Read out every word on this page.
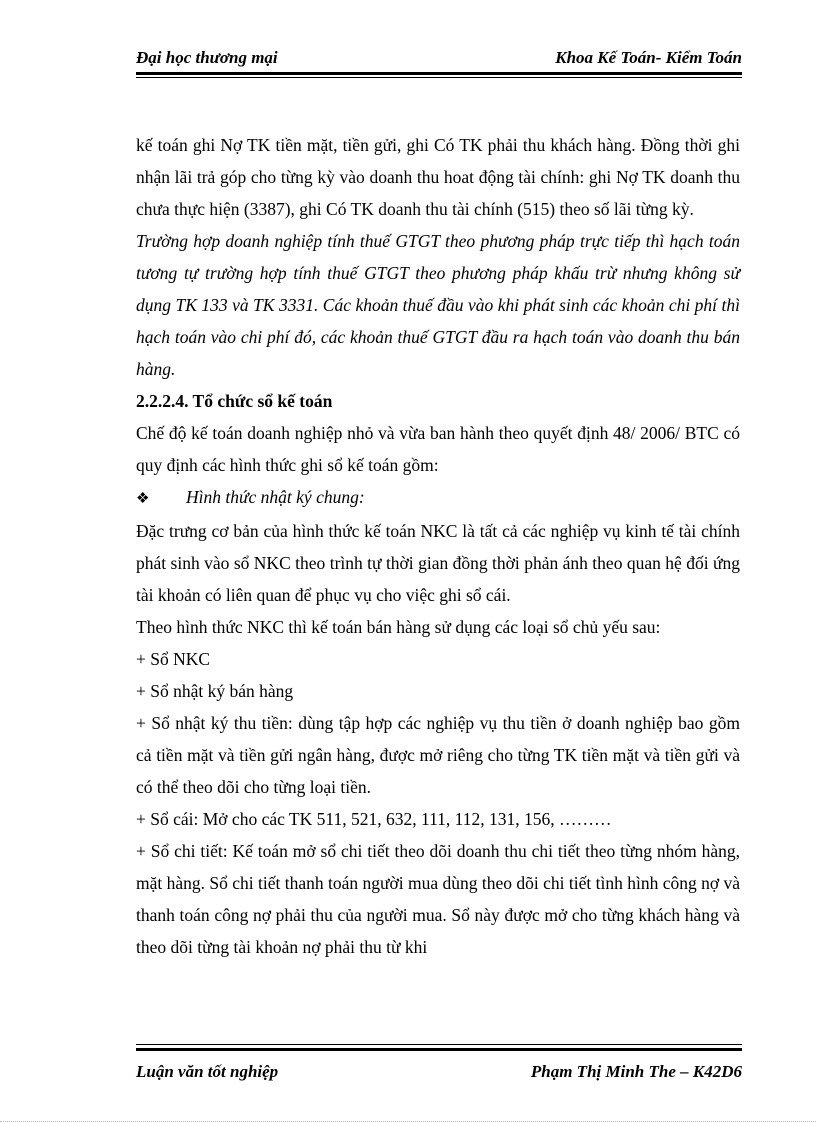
Đại học thương mại	Khoa Kế Toán- Kiểm Toán

kế toán ghi Nợ TK tiền mặt, tiền gửi, ghi Có TK phải thu khách hàng. Đồng thời ghi nhận lãi trả góp cho từng kỳ vào doanh thu hoat động tài chính: ghi Nợ TK doanh thu chưa thực hiện (3387), ghi Có TK doanh thu tài chính (515) theo số lãi từng kỳ.

Trường hợp doanh nghiệp tính thuế GTGT theo phương pháp trực tiếp thì hạch toán tương tự trường hợp tính thuế GTGT theo phương pháp khấu trừ nhưng không sử dụng TK 133 và TK 3331. Các khoản thuế đầu vào khi phát sinh các khoản chi phí thì hạch toán vào chi phí đó, các khoản thuế GTGT đầu ra hạch toán vào doanh thu bán hàng.

2.2.2.4. Tổ chức sổ kế toán

Chế độ kế toán doanh nghiệp nhỏ và vừa ban hành theo quyết định 48/ 2006/ BTC có quy định các hình thức ghi sổ kế toán gồm:

❖	Hình thức nhật ký chung:

Đặc trưng cơ bản của hình thức kế toán NKC là tất cả các nghiệp vụ kinh tế tài chính phát sinh vào sổ NKC theo trình tự thời gian đồng thời phản ánh theo quan hệ đối ứng tài khoản có liên quan để phục vụ cho việc ghi sổ cái.

Theo hình thức NKC thì kế toán bán hàng sử dụng các loại sổ chủ yếu sau:

+ Sổ NKC

+ Sổ nhật ký bán hàng

+ Sổ nhật ký thu tiền: dùng tập hợp các nghiệp vụ thu tiền ở doanh nghiệp bao gồm cả tiền mặt và tiền gửi ngân hàng, được mở riêng cho từng TK tiền mặt và tiền gửi và có thể theo dõi cho từng loại tiền.

+ Sổ cái: Mở cho các TK 511, 521, 632, 111, 112, 131, 156, ………

+ Sổ chi tiết: Kế toán mở sổ chi tiết theo dõi doanh thu chi tiết theo từng nhóm hàng, mặt hàng. Sổ chi tiết thanh toán người mua dùng theo dõi chi tiết tình hình công nợ và thanh toán công nợ phải thu của người mua. Sổ này được mở cho từng khách hàng và theo dõi từng tài khoản nợ phải thu từ khi

Luận văn tốt nghiệp	Phạm Thị Minh The – K42D6
